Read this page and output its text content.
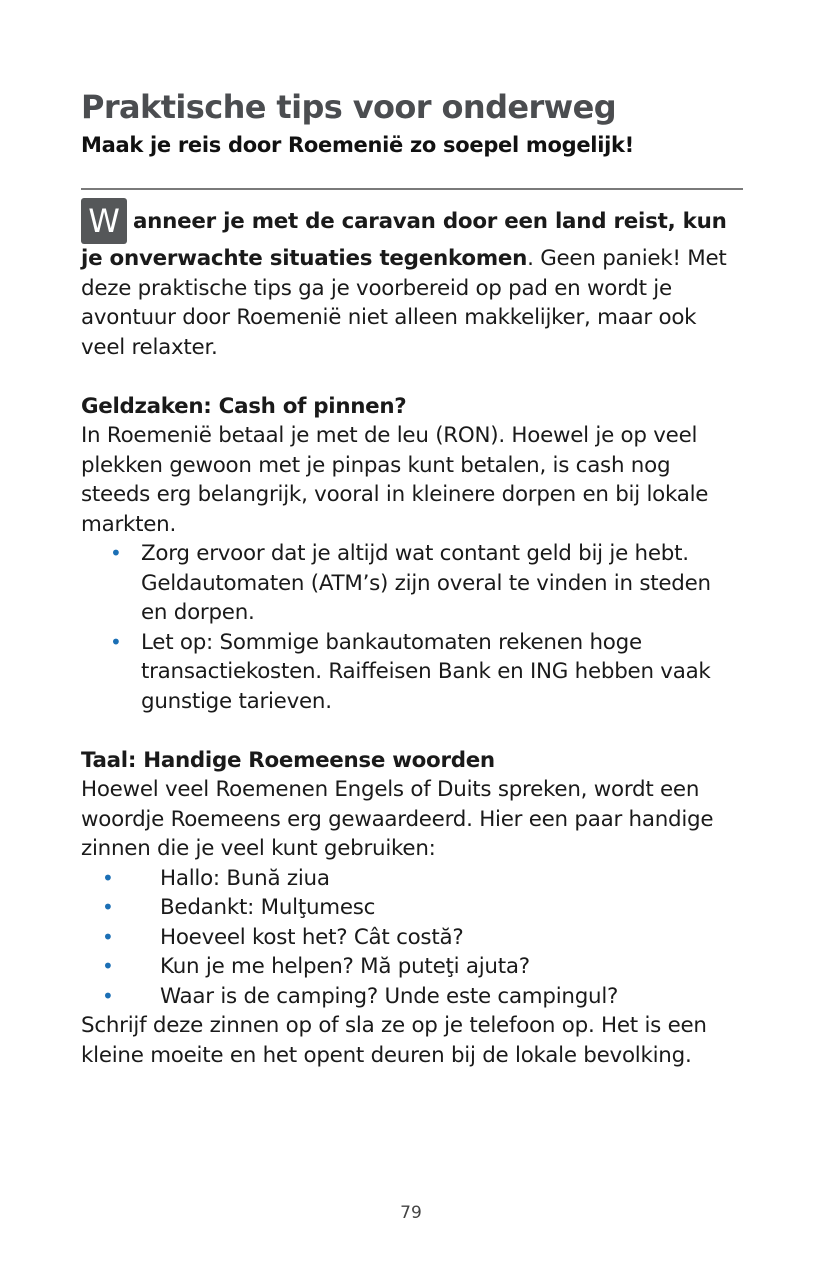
Praktische tips voor onderweg
Maak je reis door Roemenië zo soepel mogelijk!
W anneer je met de caravan door een land reist, kun je onverwachte situaties tegenkomen. Geen paniek! Met deze praktische tips ga je voorbereid op pad en wordt je avontuur door Roemenië niet alleen makkelijker, maar ook veel relaxter.
Geldzaken: Cash of pinnen?
In Roemenië betaal je met de leu (RON). Hoewel je op veel plekken gewoon met je pinpas kunt betalen, is cash nog steeds erg belangrijk, vooral in kleinere dorpen en bij lokale markten.
• Zorg ervoor dat je altijd wat contant geld bij je hebt. Geldautomaten (ATM’s) zijn overal te vinden in steden en dorpen.
• Let op: Sommige bankautomaten rekenen hoge transactiekosten. Raiffeisen Bank en ING hebben vaak gunstige tarieven.
Taal: Handige Roemeense woorden
Hoewel veel Roemenen Engels of Duits spreken, wordt een woordje Roemeens erg gewaardeerd. Hier een paar handige zinnen die je veel kunt gebruiken:
• Hallo: Bună ziua
• Bedankt: Mulţumesc
• Hoeveel kost het? Cât costă?
• Kun je me helpen? Mă puteţi ajuta?
• Waar is de camping? Unde este campingul?
Schrijf deze zinnen op of sla ze op je telefoon op. Het is een kleine moeite en het opent deuren bij de lokale bevolking.
79
